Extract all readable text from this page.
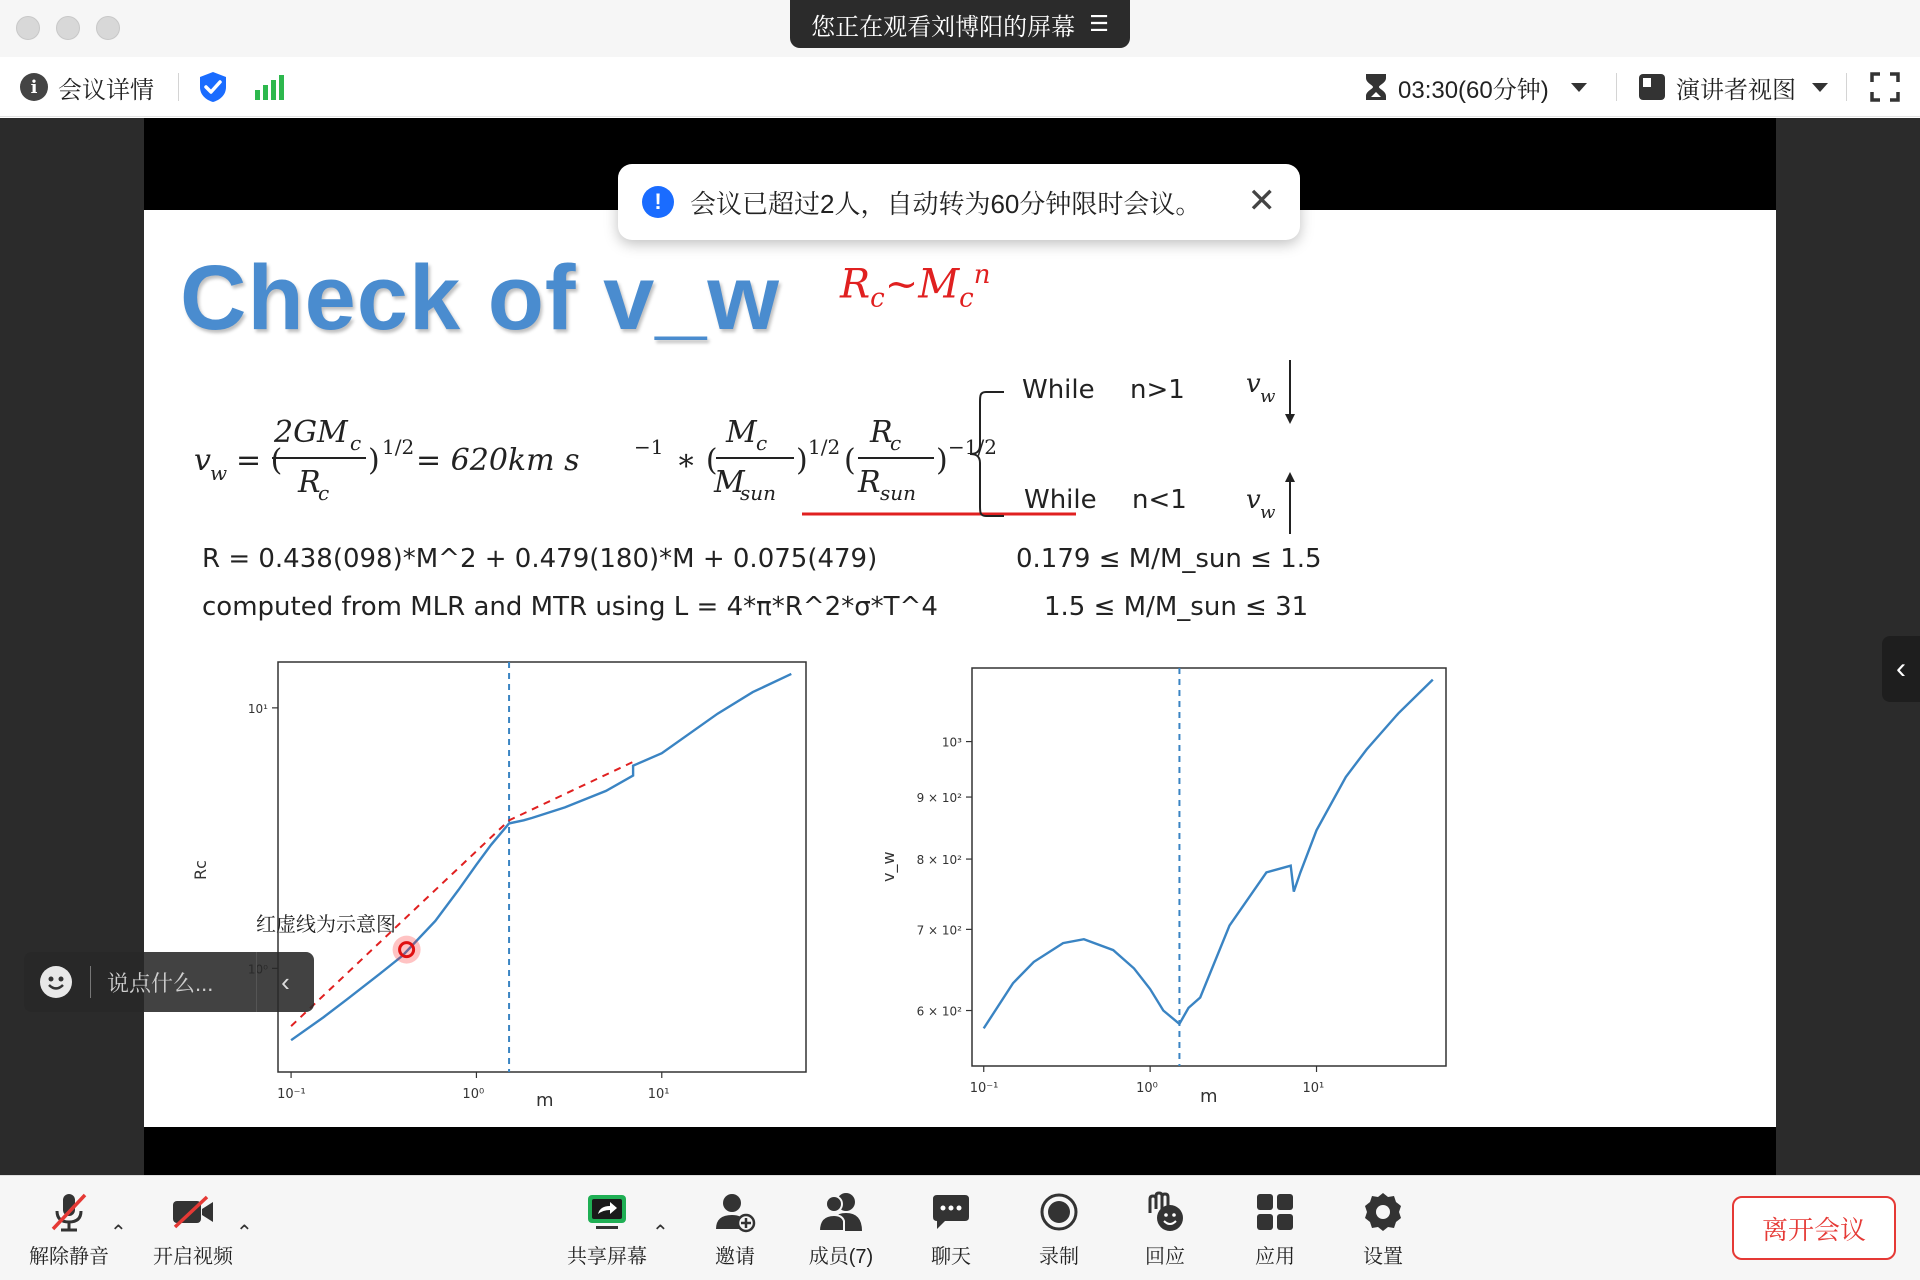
您正在观看刘博阳的屏幕 ☰
i 会议详情	03:30(60分钟)	演讲者视图
Check of v_w $R_c\sim M_c^n$
v w = (
2GM c
R
c
) 1/2 = 620km s	−1 ∗ (
M c
M
sun
) 1/2 (
R
c
R sun
) −1/2
While n>1
While n<1
v w
v w
R = 0.438(098)*M^2 + 0.479(180)*M + 0.075(479)
computed from MLR and MTR using L = 4*π*R^2*σ*T^4
0.179 ≤ M/M_sun ≤ 1.5
1.5 ≤ M/M_sun ≤ 31
10⁻¹	10⁰	10¹
10¹
Rc
m
红虚线为示意图
10⁻¹	10⁰	10¹
10³
9 × 10²
8 × 10²
7 × 10²
6 × 10²
v_w
m
!	会议已超过2人，自动转为60分钟限时会议。 ✕
说点什么...	‹
‹
解除静音
⌃
开启视频
⌃
共享屏幕
⌃
邀请	成员(7)	聊天	录制	回应	应用	设置
离开会议
